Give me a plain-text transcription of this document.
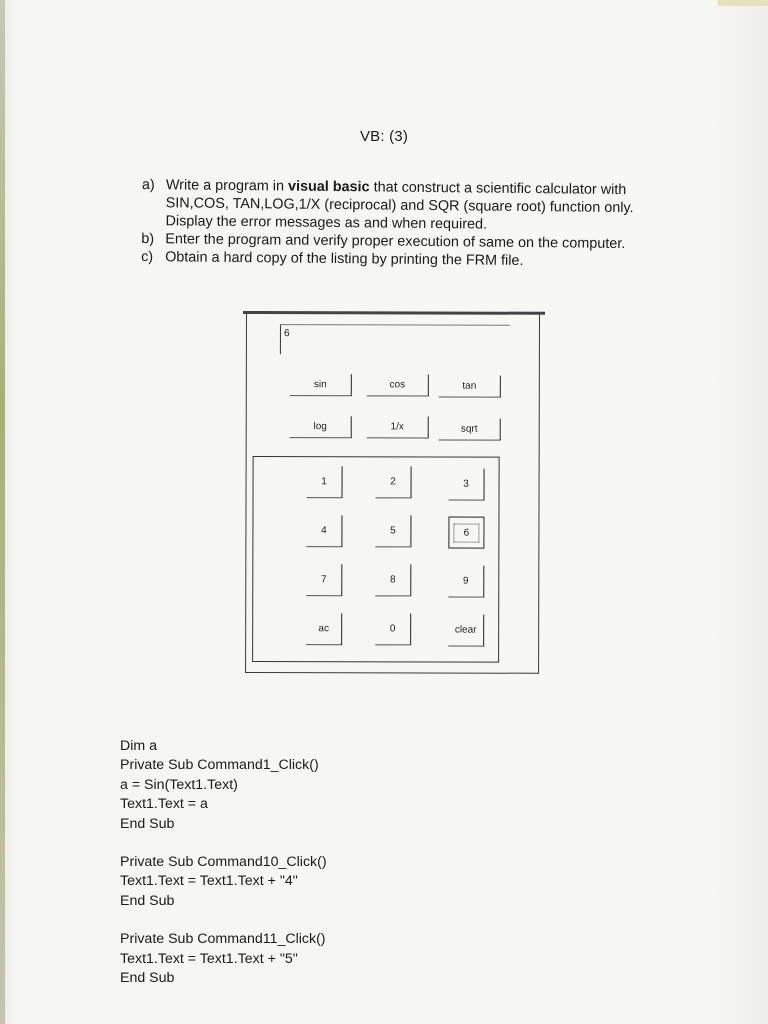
VB: (3)
a) Write a program in visual basic that construct a scientific calculator with SIN,COS, TAN,LOG,1/X (reciprocal) and SQR (square root) function only. Display the error messages as and when required.
b) Enter the program and verify proper execution of same on the computer.
c) Obtain a hard copy of the listing by printing the FRM file.
6
sin	cos	tan
log	1/x	sqrt
1	2	3
4	5	6
7	8	9
ac	0	clear
Dim a
Private Sub Command1_Click()
a = Sin(Text1.Text)
Text1.Text = a
End Sub
Private Sub Command10_Click()
Text1.Text = Text1.Text + "4"
End Sub
Private Sub Command11_Click()
Text1.Text = Text1.Text + "5"
End Sub
